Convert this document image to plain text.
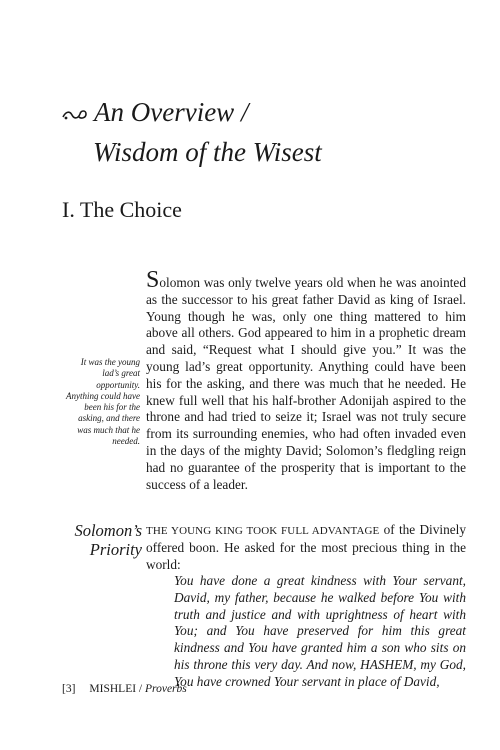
An Overview /
Wisdom of the Wisest
I. The Choice

Solomon was only twelve years old when he was anointed as the successor to his great father David as king of Israel. Young though he was, only one thing mattered to him above all others. God appeared to him in a prophetic dream and said, “Request what I should give you.” It was the young lad’s great opportunity. Anything could have been his for the asking, and there was much that he needed. He knew full well that his half-brother Adonijah aspired to the throne and had tried to seize it; Israel was not truly secure from its surrounding enemies, who had often invaded even in the days of the mighty David; Solomon’s fledgling reign had no guarantee of the prosperity that is important to the success of a leader.

It was the young lad’s great opportunity. Anything could have been his for the asking, and there was much that he needed.
Solomon’s Priority

THE YOUNG KING TOOK FULL ADVANTAGE of the Divinely offered boon. He asked for the most precious thing in the world:

You have done a great kindness with Your servant, David, my father, because he walked before You with truth and justice and with uprightness of heart with You; and You have preserved for him this great kindness and You have granted him a son who sits on his throne this very day. And now, HASHEM, my God, You have crowned Your servant in place of David,
[3] MISHLEI / Proverbs
